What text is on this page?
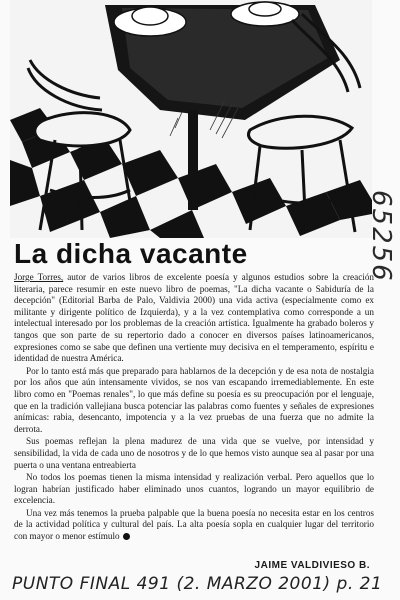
65256
La dicha vacante

Jorge Torres, autor de varios libros de excelente poesía y algunos estudios sobre la creación literaria, parece resumir en este nuevo libro de poemas, "La dicha vacante o Sabiduría de la decepción" (Editorial Barba de Palo, Valdivia 2000) una vida activa (especialmente como ex militante y dirigente político de Izquierda), y a la vez contemplativa como corresponde a un intelectual interesado por los problemas de la creación artística. Igualmente ha grabado boleros y tangos que son parte de su repertorio dado a conocer en diversos países latinoamericanos, expresiones como se sabe que definen una vertiente muy decisiva en el temperamento, espíritu e identidad de nuestra América.

Por lo tanto está más que preparado para hablarnos de la decepción y de esa nota de nostalgia por los años que aún intensamente vividos, se nos van escapando irremediablemente. En este libro como en "Poemas renales", lo que más define su poesía es su preocupación por el lenguaje, que en la tradición vallejiana busca potenciar las palabras como fuentes y señales de expresiones anímicas: rabia, desencanto, impotencia y a la vez pruebas de una fuerza que no admite la derrota.

Sus poemas reflejan la plena madurez de una vida que se vuelve, por intensidad y sensibilidad, la vida de cada uno de nosotros y de lo que hemos visto aunque sea al pasar por una puerta o una ventana entreabierta

No todos los poemas tienen la misma intensidad y realización verbal. Pero aquellos que lo logran habrían justificado haber eliminado unos cuantos, logrando un mayor equilibrio de excelencia.

Una vez más tenemos la prueba palpable que la buena poesía no necesita estar en los centros de la actividad política y cultural del país. La alta poesía sopla en cualquier lugar del territorio con mayor o menor estímulo

JAIME VALDIVIESO B.
PUNTO FINAL 491 (2. MARZO 2001) p. 21
